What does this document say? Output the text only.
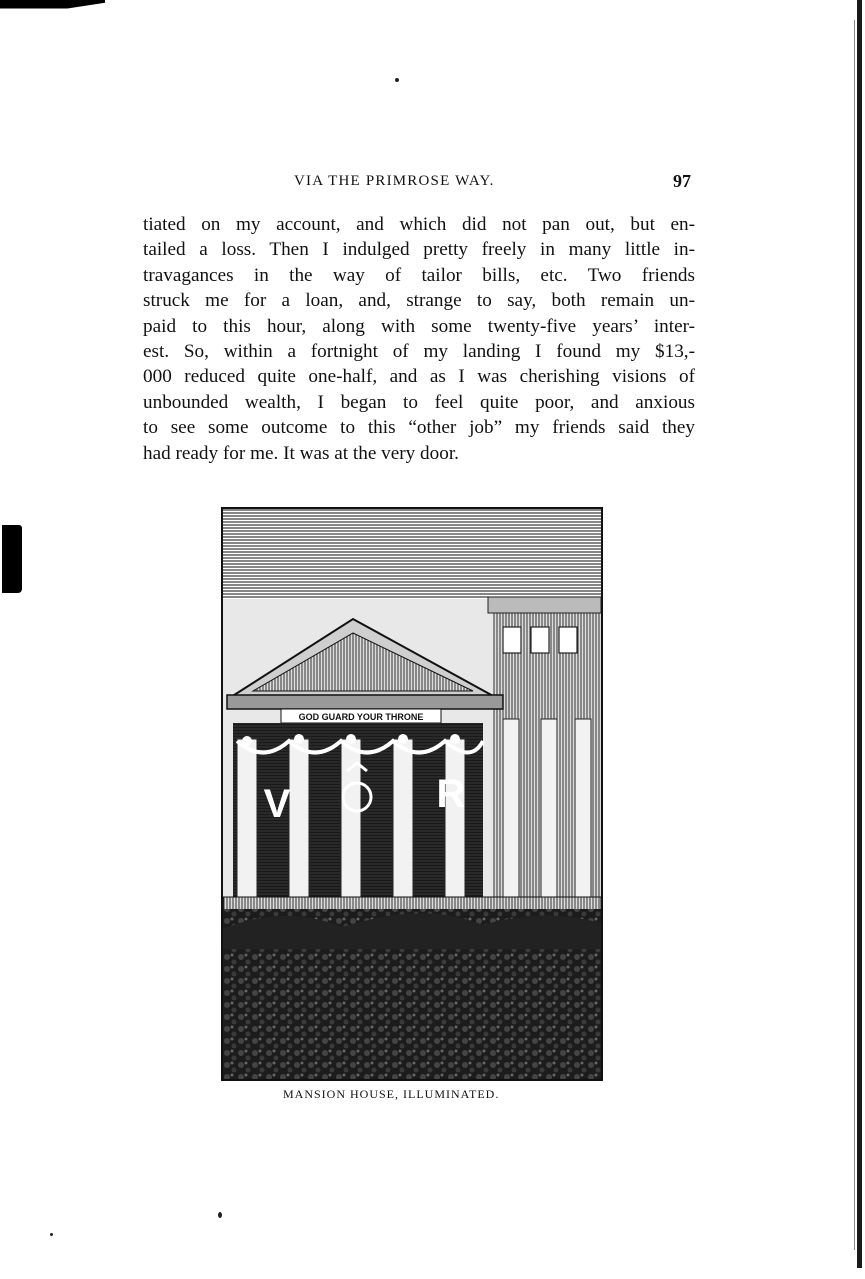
VIA THE PRIMROSE WAY.	97
tiated on my account, and which did not pan out, but en-
tailed a loss. Then I indulged pretty freely in many little in-
travagances in the way of tailor bills, etc. Two friends
struck me for a loan, and, strange to say, both remain un-
paid to this hour, along with some twenty-five years’ inter-
est. So, within a fortnight of my landing I found my $13,-
000 reduced quite one-half, and as I was cherishing visions of
unbounded wealth, I began to feel quite poor, and anxious
to see some outcome to this “other job” my friends said they
had ready for me. It was at the very door.
GOD GUARD YOUR THRONE
V	R
MANSION HOUSE, ILLUMINATED.
